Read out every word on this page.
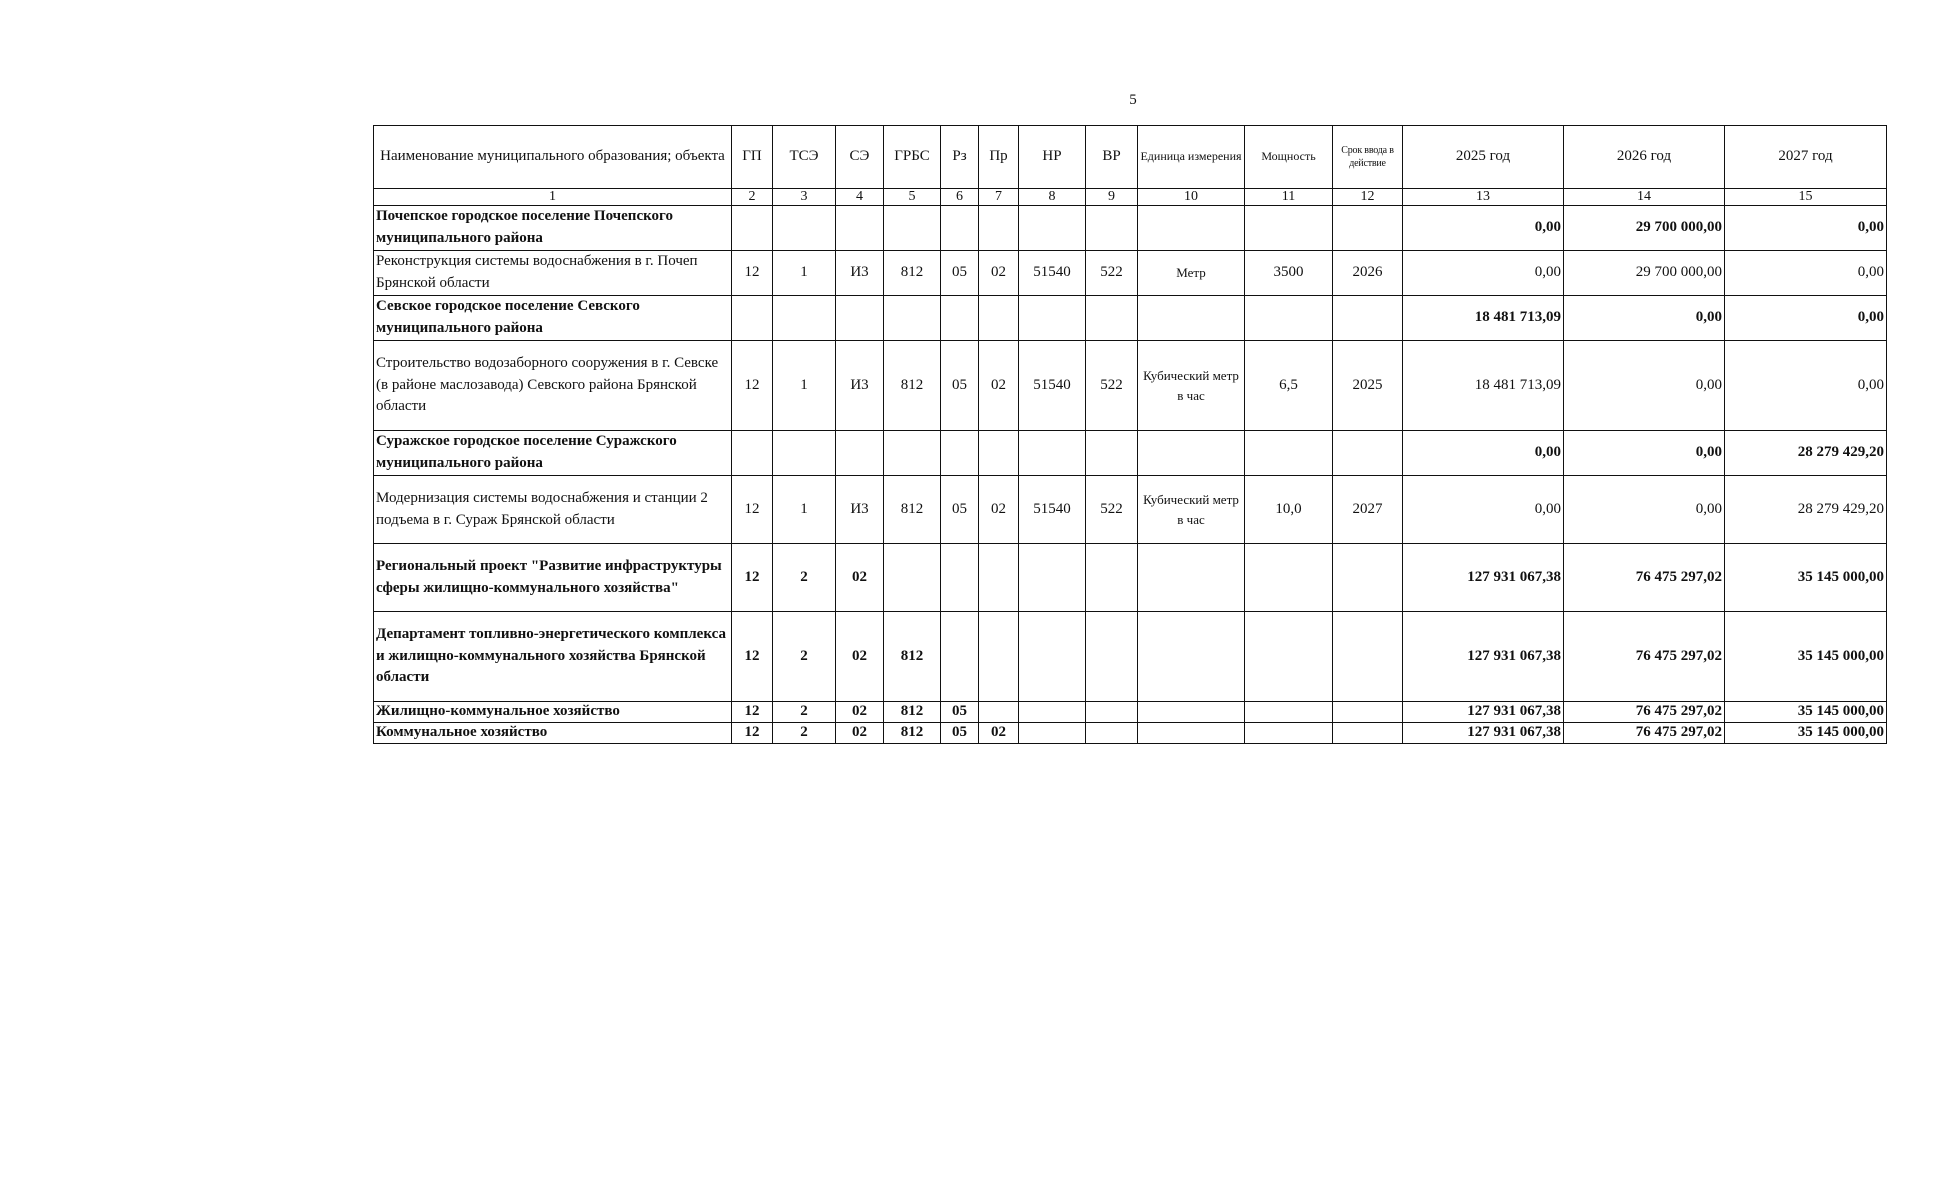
5
Наименование муниципального образования; объекта	ГП	ТСЭ	СЭ	ГРБС	Рз	Пр	НР	ВР	Единица измерения	Мощность	Срок ввода в действие	2025 год	2026 год	2027 год
1	2	3	4	5	6	7	8	9	10	11	12	13	14	15
Почепское городское поселение Почепского муниципального района												0,00	29 700 000,00	0,00
Реконструкция системы водоснабжения в г. Почеп Брянской области	12	1	И3	812	05	02	51540	522	Метр	3500	2026	0,00	29 700 000,00	0,00
Севское городское поселение Севского муниципального района												18 481 713,09	0,00	0,00
Строительство водозаборного сооружения в г. Севске (в районе маслозавода) Севского района Брянской области	12	1	И3	812	05	02	51540	522	Кубический метр в час	6,5	2025	18 481 713,09	0,00	0,00
Суражское городское поселение Суражского муниципального района												0,00	0,00	28 279 429,20
Модернизация системы водоснабжения и станции 2 подъема в г. Сураж Брянской области	12	1	И3	812	05	02	51540	522	Кубический метр в час	10,0	2027	0,00	0,00	28 279 429,20
Региональный проект "Развитие инфраструктуры сферы жилищно-коммунального хозяйства"	12	2	02									127 931 067,38	76 475 297,02	35 145 000,00
Департамент топливно-энергетического комплекса и жилищно-коммунального хозяйства Брянской области	12	2	02	812								127 931 067,38	76 475 297,02	35 145 000,00
Жилищно-коммунальное хозяйство	12	2	02	812	05							127 931 067,38	76 475 297,02	35 145 000,00
Коммунальное хозяйство	12	2	02	812	05	02						127 931 067,38	76 475 297,02	35 145 000,00
